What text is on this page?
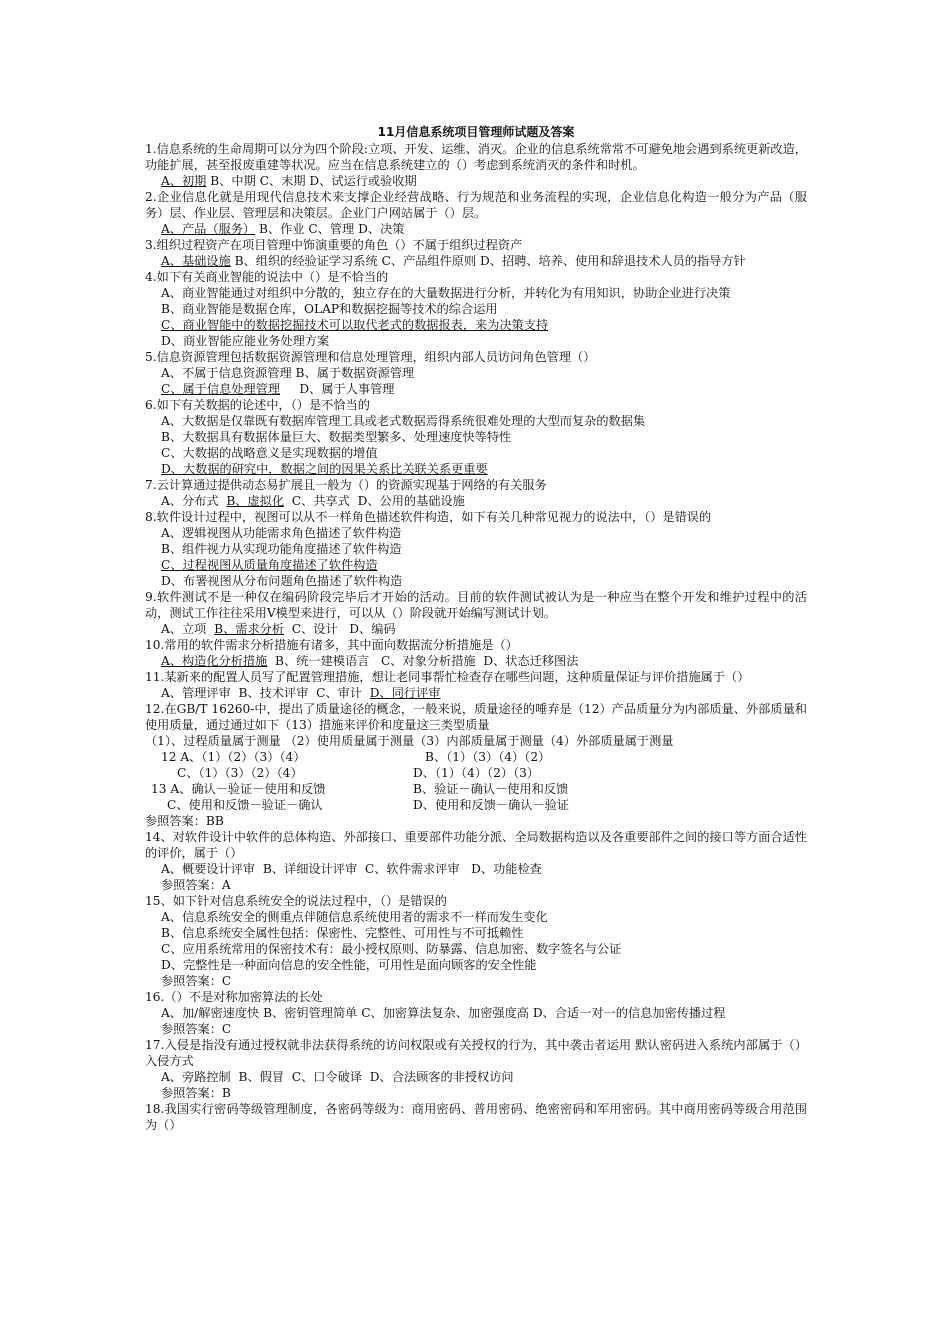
11月信息系统项目管理师试题及答案
1.信息系统的生命周期可以分为四个阶段:立项、开发、运维、消灭。企业的信息系统常常不可避免地会遇到系统更新改造，功能扩展，甚至报废重建等状况。应当在信息系统建立的（）考虑到系统消灭的条件和时机。
A、初期 B、中期 C、末期 D、试运行或验收期
2.企业信息化就是用现代信息技术来支撑企业经营战略、行为规范和业务流程的实现，企业信息化构造一般分为产品（服务）层、作业层、管理层和决策层。企业门户网站属于（）层。
A、产品（服务） B、作业 C、管理 D、决策
3.组织过程资产在项目管理中饰演重要的角色（）不属于组织过程资产
A、基础设施 B、组织的经验证学习系统 C、产品组件原则 D、招聘、培养、使用和辞退技术人员的指导方针
4.如下有关商业智能的说法中（）是不恰当的
A、商业智能通过对组织中分散的，独立存在的大量数据进行分析，并转化为有用知识，协助企业进行决策
B、商业智能是数据仓库，OLAP和数据挖掘等技术的综合运用
C、商业智能中的数据挖掘技术可以取代老式的数据报表，来为决策支持
D、商业智能应能业务处理方案
5.信息资源管理包括数据资源管理和信息处理管理，组织内部人员访问角色管理（）
A、不属于信息资源管理 B、属于数据资源管理
C、属于信息处理管理     D、属于人事管理
6.如下有关数据的论述中，（）是不恰当的
A、大数据是仅靠既有数据库管理工具或老式数据焉得系统很难处理的大型而复杂的数据集
B、大数据具有数据体量巨大、数据类型繁多、处理速度快等特性
C、大数据的战略意义是实现数据的增值
D、大数据的研究中，数据之间的因果关系比关联关系更重要
7.云计算通过提供动态易扩展且一般为（）的资源实现基于网络的有关服务
A、分布式  B、虚拟化  C、共享式  D、公用的基础设施
8.软件设计过程中，视图可以从不一样角色描述软件构造，如下有关几种常见视力的说法中，（）是错误的
A、逻辑视图从功能需求角色描述了软件构造
B、组件视力从实现功能角度描述了软件构造
C、过程视图从质量角度描述了软件构造
D、布署视图从分布问题角色描述了软件构造
9.软件测试不是一种仅在编码阶段完毕后才开始的活动。目前的软件测试被认为是一种应当在整个开发和维护过程中的活动，测试工作往往采用V模型来进行，可以从（）阶段就开始编写测试计划。
A、立项  B、需求分析  C、设计   D、编码
10.常用的软件需求分析措施有诸多，其中面向数据流分析措施是（）
A、构造化分析措施  B、统一建模语言   C、对象分析措施  D、状态迁移图法
11.某新来的配置人员写了配置管理措施，想让老同事帮忙检查存在哪些问题，这种质量保证与评价措施属于（）
A、管理评审  B、技术评审  C、审计  D、同行评审
12.在GB/T 16260-中，提出了质量途径的概念，一般来说，质量途径的唾弃是（12）产品质量分为内部质量、外部质量和使用质量，通过通过如下（13）措施来评价和度量这三类型质量
（1）、过程质量属于测量 （2）使用质量属于测量（3）内部质量属于测量（4）外部质量属于测量
12 A、（1）（2）（3）（4）	B、（1）（3）（4）（2）
C、（1）（3）（2）（4）	D、（1）（4）（2）（3）
13 A、确认－验证－使用和反馈	B、验证－确认－使用和反馈
C、使用和反馈－验证－确认	D、使用和反馈－确认－验证
参照答案：BB
14、对软件设计中软件的总体构造、外部接口、重要部件功能分派、全局数据构造以及各重要部件之间的接口等方面合适性的评价，属于（）
A、概要设计评审  B、详细设计评审  C、软件需求评审   D、功能检查
参照答案：A
15、如下针对信息系统安全的说法过程中，（）是错误的
A、信息系统安全的侧重点伴随信息系统使用者的需求不一样而发生变化
B、信息系统安全属性包括：保密性、完整性、可用性与不可抵赖性
C、应用系统常用的保密技术有：最小授权原则、防暴露、信息加密、数字签名与公证
D、完整性是一种面向信息的安全性能，可用性是面向顾客的安全性能
参照答案：C
16.（）不是对称加密算法的长处
A、加/解密速度快 B、密钥管理简单 C、加密算法复杂、加密强度高 D、合适一对一的信息加密传播过程
参照答案：C
17.入侵是指没有通过授权就非法获得系统的访问权限或有关授权的行为，其中袭击者运用 默认密码进入系统内部属于（）入侵方式
A、旁路控制  B、假冒  C、口令破译  D、合法顾客的非授权访问
参照答案：B
18.我国实行密码等级管理制度，各密码等级为：商用密码、普用密码、绝密密码和军用密码。其中商用密码等级合用范围为（）
